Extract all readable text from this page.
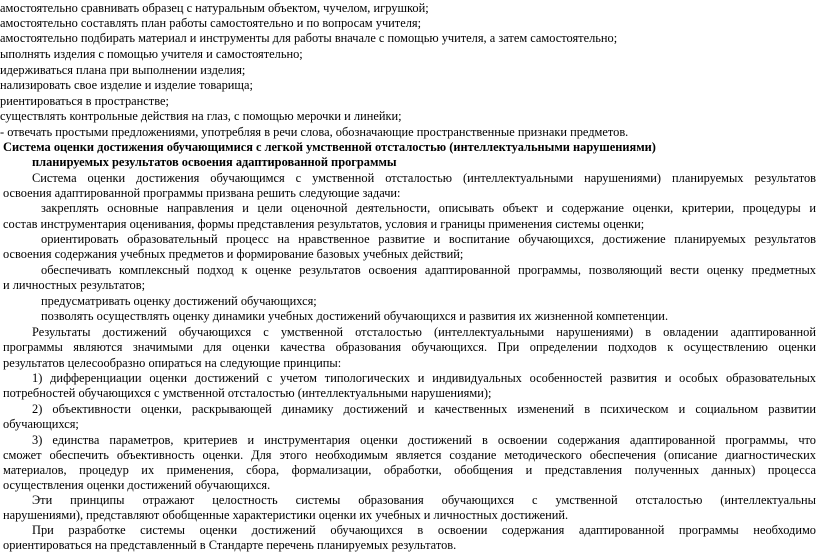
амостоятельно сравнивать образец с натуральным объектом, чучелом, игрушкой;
амостоятельно составлять план работы самостоятельно и по вопросам учителя;
амостоятельно подбирать материал и инструменты для работы вначале с помощью учителя, а затем самостоятельно;
ыполнять изделия с помощью учителя и самостоятельно;
идерживаться плана при выполнении изделия;
нализировать свое изделие и изделие товарища;
риентироваться в пространстве;
существлять контрольные действия на глаз, с помощью мерочки и линейки;
- отвечать простыми предложениями, употребляя в речи слова, обозначающие пространственные признаки предметов.
Система оценки достижения обучающимися с легкой умственной отсталостью (интеллектуальными нарушениями)
планируемых результатов освоения адаптированной программы
Система оценки достижения обучающимся с умственной отсталостью (интеллектуальными нарушениями) планируемых результатов
освоения адаптированной программы призвана решить следующие задачи:
закреплять основные направления и цели оценочной деятельности, описывать объект и содержание оценки, критерии, процедуры и
состав инструментария оценивания, формы представления результатов, условия и границы применения системы оценки;
ориентировать образовательный процесс на нравственное развитие и воспитание обучающихся, достижение планируемых результатов
освоения содержания учебных предметов и формирование базовых учебных действий;
обеспечивать комплексный подход к оценке результатов освоения адаптированной программы, позволяющий вести оценку предметных
и личностных результатов;
предусматривать оценку достижений обучающихся;
позволять осуществлять оценку динамики учебных достижений обучающихся и развития их жизненной компетенции.
Результаты достижений обучающихся с умственной отсталостью (интеллектуальными нарушениями) в овладении адаптированной
программы являются значимыми для оценки качества образования обучающихся. При определении подходов к осуществлению оценки
результатов целесообразно опираться на следующие принципы:
1) дифференциации оценки достижений с учетом типологических и индивидуальных особенностей развития и особых образовательных
потребностей обучающихся с умственной отсталостью (интеллектуальными нарушениями);
2) объективности оценки, раскрывающей динамику достижений и качественных изменений в психическом и социальном развитии
обучающихся;
3) единства параметров, критериев и инструментария оценки достижений в освоении содержания адаптированной программы, что
сможет обеспечить объективность оценки. Для этого необходимым является создание методического обеспечения (описание диагностических
материалов, процедур их применения, сбора, формализации, обработки, обобщения и представления полученных данных) процесса
осуществления оценки достижений обучающихся.
Эти принципы отражают целостность системы образования обучающихся с умственной отсталостью (интеллектуальны
нарушениями), представляют обобщенные характеристики оценки их учебных и личностных достижений.
При разработке системы оценки достижений обучающихся в освоении содержания адаптированной программы необходимо
ориентироваться на представленный в Стандарте перечень планируемых результатов.
